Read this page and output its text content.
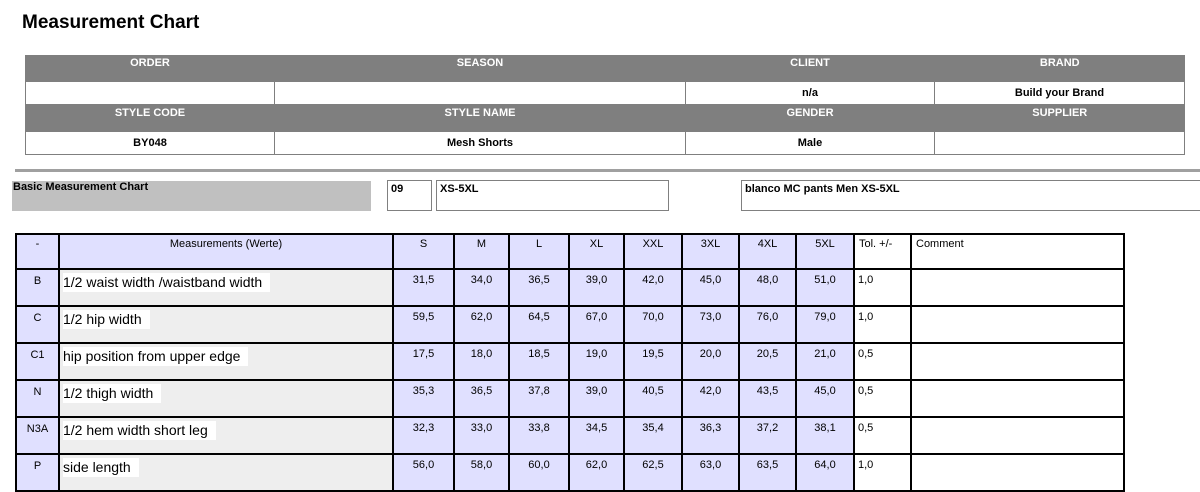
Measurement Chart
ORDER	SEASON	CLIENT	BRAND
		n/a	Build your Brand
STYLE CODE	STYLE NAME	GENDER	SUPPLIER
BY048	Mesh Shorts	Male	
Basic Measurement Chart	09	XS-5XL	blanco MC pants Men XS-5XL
-	Measurements (Werte)	S	M	L	XL	XXL	3XL	4XL	5XL	Tol. +/-	Comment
B	1/2 waist width /waistband width	31,5	34,0	36,5	39,0	42,0	45,0	48,0	51,0	1,0	
C	1/2 hip width	59,5	62,0	64,5	67,0	70,0	73,0	76,0	79,0	1,0	
C1	hip position from upper edge	17,5	18,0	18,5	19,0	19,5	20,0	20,5	21,0	0,5	
N	1/2 thigh width	35,3	36,5	37,8	39,0	40,5	42,0	43,5	45,0	0,5	
N3A	1/2 hem width short leg	32,3	33,0	33,8	34,5	35,4	36,3	37,2	38,1	0,5	
P	side length	56,0	58,0	60,0	62,0	62,5	63,0	63,5	64,0	1,0	
